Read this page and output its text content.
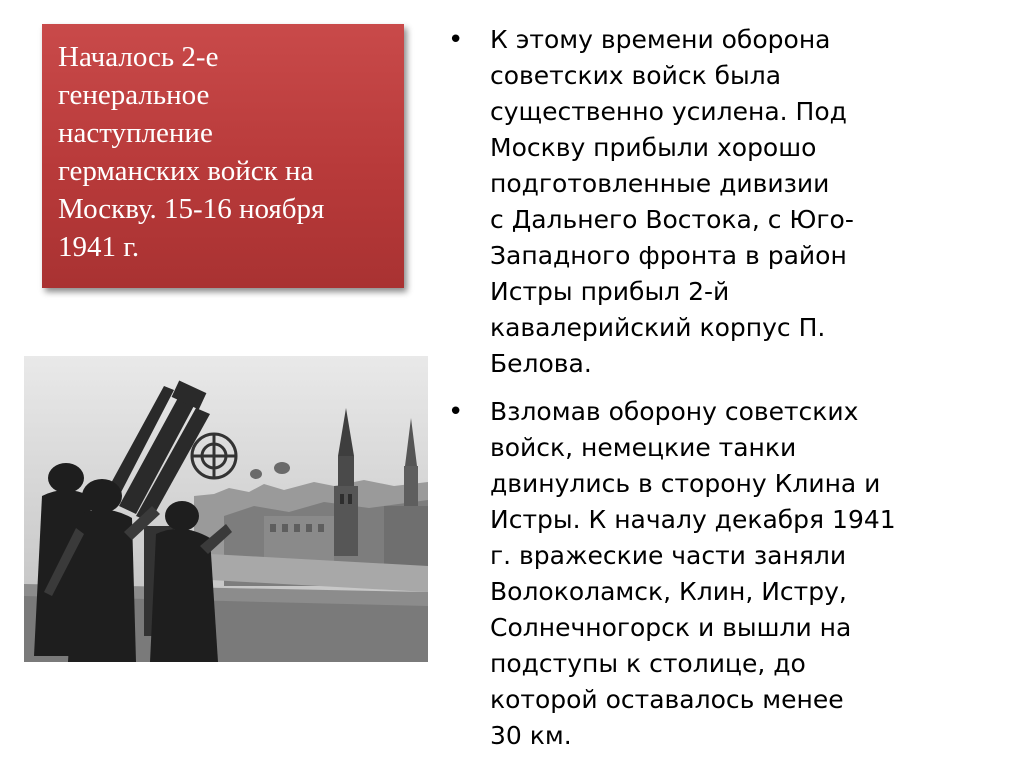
Началось 2-е
генеральное
наступление
германских войск на
Москву. 15-16 ноября
1941 г.

• К этому времени оборона
советских войск была
существенно усилена. Под
Москву прибыли хорошо
подготовленные дивизии
с Дальнего Востока, с Юго-
Западного фронта в район
Истры прибыл 2-й
кавалерийский корпус П.
Белова.
• Взломав оборону советских
войск, немецкие танки
двинулись в сторону Клина и
Истры. К началу декабря 1941
г. вражеские части заняли
Волоколамск, Клин, Истру,
Солнечногорск и вышли на
подступы к столице, до
которой оставалось менее
30 км.
